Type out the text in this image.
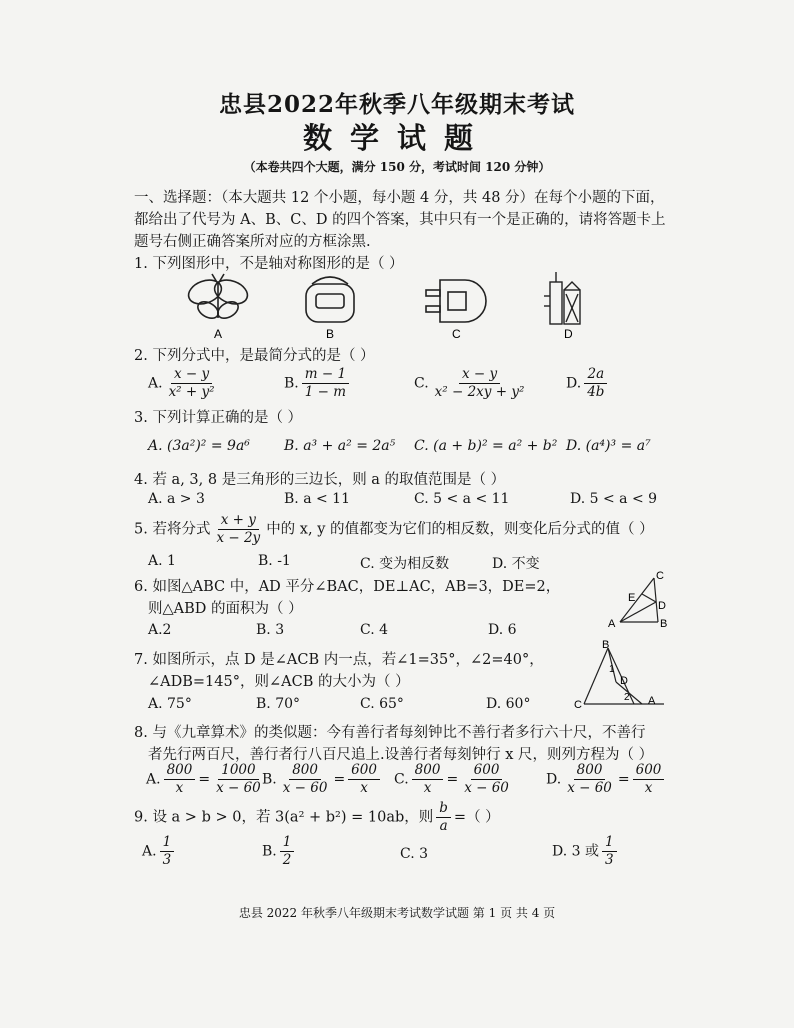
忠县2022年秋季八年级期末考试
数学试题
（本卷共四个大题，满分 150 分，考试时间 120 分钟）
一、选择题：（本大题共 12 个小题，每小题 4 分，共 48 分）在每个小题的下面，
都给出了代号为 A、B、C、D 的四个答案，其中只有一个是正确的，请将答题卡上
题号右侧正确答案所对应的方框涂黑.
1. 下列图形中，不是轴对称图形的是（ ）
A	B	C	D
2. 下列分式中，是最简分式的是（ ）
A. $\frac{x - y}{\text{x² + y²}}$	B. $\frac{m - 1}{1 - m}$	C. $\frac{x - y}{\text{x² − 2xy + y²}}$	D. $\frac{2a}{4b}$
3. 下列计算正确的是（ ）
A. (3a²)² = 9a⁶ B. a³ + a² = 2a⁵ C. (a + b)² = a² + b² D. (a⁴)³ = a⁷
4. 若 a, 3, 8 是三角形的三边长，则 a 的取值范围是（ ）
A. a > 3	B. a < 11	C. 5 < a < 11	D. 5 < a < 9
5. 若将分式 $\frac{x + y}{x - 2y}$ 中的 x, y 的值都变为它们的相反数，则变化后分式的值（ ）
A. 1	B. -1	C. 变为相反数	D. 不变
6. 如图△ABC 中，AD 平分∠BAC，DE⊥AC，AB=3，DE=2，
则△ABD 的面积为（ ）
A.2	B. 3	C. 4	D. 6
C
E
D
A	B
7. 如图所示，点 D 是∠ACB 内一点，若∠1=35°，∠2=40°，
∠ADB=145°，则∠ACB 的大小为（ ）
A. 75°	B. 70°	C. 65°	D. 60°
B
D
C	A
1
2
8. 与《九章算术》的类似题：今有善行者每刻钟比不善行者多行六十尺，不善行
者先行两百尺，善行者行八百尺追上.设善行者每刻钟行 x 尺，则列方程为（ ）
A. $\frac{800}{x} = \frac{1000}{x - 60}$
B. $\frac{800}{x - 60} = \frac{600}{x} C$. $\frac{800}{x} = \frac{600}{x - 60} D$. $\frac{800}{x - 60} = \frac{600}{x}$
9. 设 a > b > 0，若 3(a² + b²) = 10ab，则 $\frac{b}{a}$ =（ ）
A. $\frac{1}{3}$	B. $\frac{1}{2}$	C. 3	D. 3 或 $\frac{1}{3}$
忠县 2022 年秋季八年级期末考试数学试题 第 1 页 共 4 页
